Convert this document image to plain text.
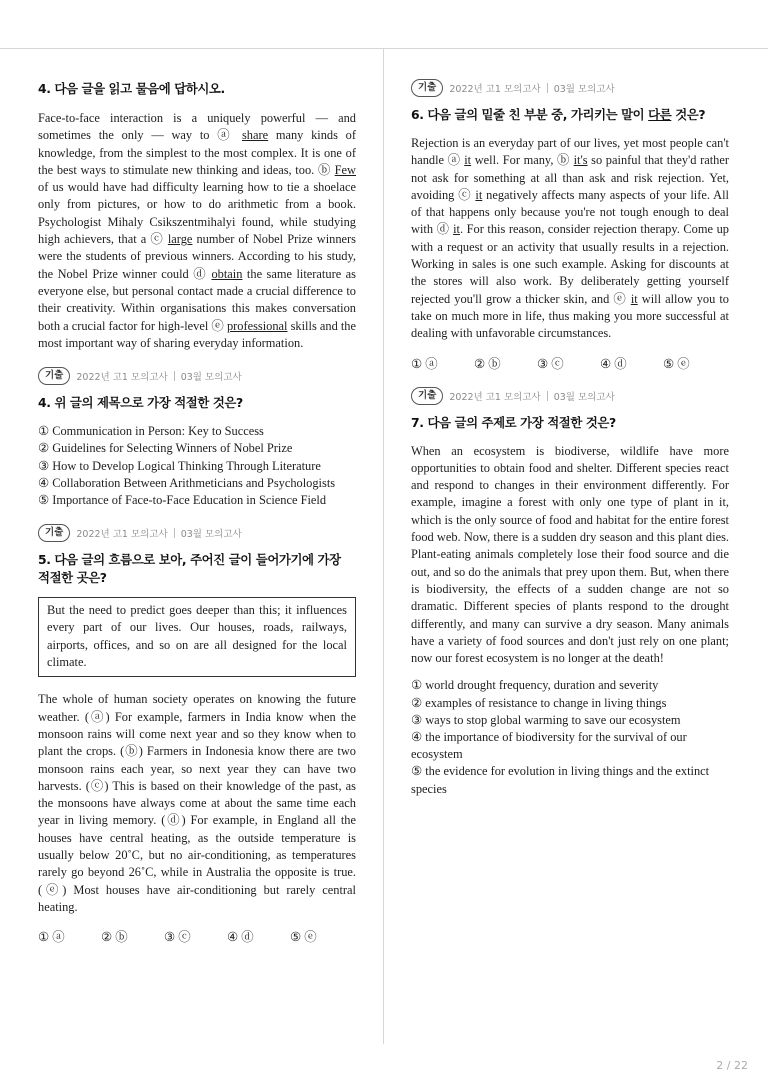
4. 다음 글을 읽고 물음에 답하시오.

Face-to-face interaction is a uniquely powerful — and sometimes the only — way to ⓐ share many kinds of knowledge, from the simplest to the most complex. It is one of the best ways to stimulate new thinking and ideas, too. ⓑ Few of us would have had difficulty learning how to tie a shoelace only from pictures, or how to do arithmetic from a book. Psychologist Mihaly Csikszentmihalyi found, while studying high achievers, that a ⓒ large number of Nobel Prize winners were the students of previous winners. According to his study, the Nobel Prize winner could ⓓ obtain the same literature as everyone else, but personal contact made a crucial difference to their creativity. Within organisations this makes conversation both a crucial factor for high-level ⓔ professional skills and the most important way of sharing everyday information.

기출	2022년 고1 모의고사 03월 모의고사
4. 위 글의 제목으로 가장 적절한 것은?

① Communication in Person: Key to Success

② Guidelines for Selecting Winners of Nobel Prize

③ How to Develop Logical Thinking Through Literature

④ Collaboration Between Arithmeticians and Psychologists

⑤ Importance of Face-to-Face Education in Science Field

기출	2022년 고1 모의고사 03월 모의고사
5. 다음 글의 흐름으로 보아, 주어진 글이 들어가기에 가장 적절한 곳은?

But the need to predict goes deeper than this; it influences every part of our lives. Our houses, roads, railways, airports, offices, and so on are all designed for the local climate.

The whole of human society operates on knowing the future weather. (ⓐ) For example, farmers in India know when the monsoon rains will come next year and so they know when to plant the crops. (ⓑ) Farmers in Indonesia know there are two monsoon rains each year, so next year they can have two harvests. (ⓒ) This is based on their knowledge of the past, as the monsoons have always come at about the same time each year in living memory. (ⓓ) For example, in England all the houses have central heating, as the outside temperature is usually below 20˚C, but no air-conditioning, as temperatures rarely go beyond 26˚C, while in Australia the opposite is true. (ⓔ) Most houses have air-conditioning but rarely central heating.

① ⓐ	② ⓑ	③ ⓒ	④ ⓓ	⑤ ⓔ
기출	2022년 고1 모의고사 03월 모의고사
6. 다음 글의 밑줄 친 부분 중, 가리키는 말이 다른 것은?

Rejection is an everyday part of our lives, yet most people can't handle ⓐ it well. For many, ⓑ it's so painful that they'd rather not ask for something at all than ask and risk rejection. Yet, avoiding ⓒ it negatively affects many aspects of your life. All of that happens only because you're not tough enough to deal with ⓓ it. For this reason, consider rejection therapy. Come up with a request or an activity that usually results in a rejection. Working in sales is one such example. Asking for discounts at the stores will also work. By deliberately getting yourself rejected you'll grow a thicker skin, and ⓔ it will allow you to take on much more in life, thus making you more successful at dealing with unfavorable circumstances.

① ⓐ	② ⓑ	③ ⓒ	④ ⓓ	⑤ ⓔ
기출	2022년 고1 모의고사 03월 모의고사
7. 다음 글의 주제로 가장 적절한 것은?

When an ecosystem is biodiverse, wildlife have more opportunities to obtain food and shelter. Different species react and respond to changes in their environment differently. For example, imagine a forest with only one type of plant in it, which is the only source of food and habitat for the entire forest food web. Now, there is a sudden dry season and this plant dies. Plant-eating animals completely lose their food source and die out, and so do the animals that prey upon them. But, when there is biodiversity, the effects of a sudden change are not so dramatic. Different species of plants respond to the drought differently, and many can survive a dry season. Many animals have a variety of food sources and don't just rely on one plant; now our forest ecosystem is no longer at the death!

① world drought frequency, duration and severity

② examples of resistance to change in living things

③ ways to stop global warming to save our ecosystem

④ the importance of biodiversity for the survival of our ecosystem

⑤ the evidence for evolution in living things and the extinct species

2 / 22
